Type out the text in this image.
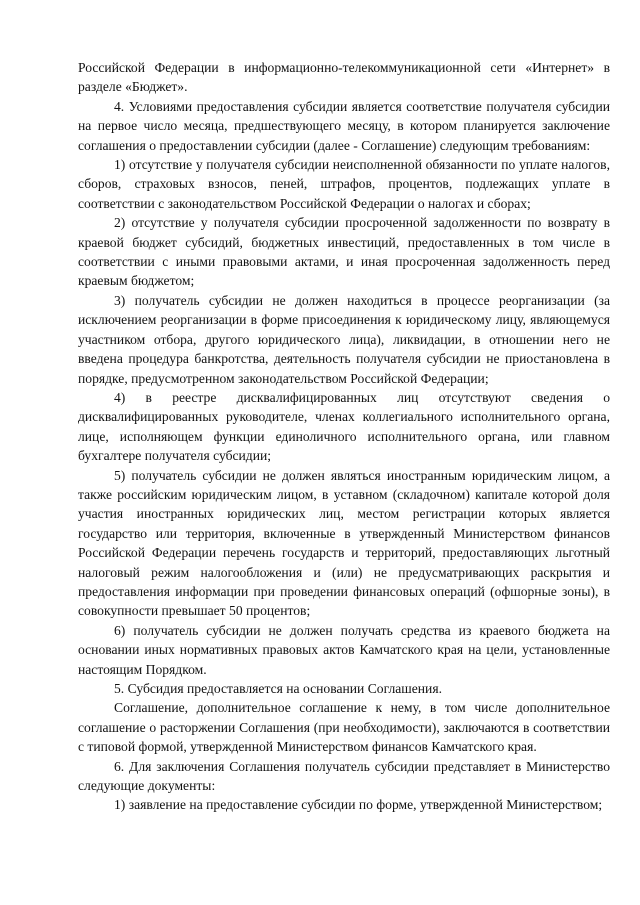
Российской Федерации в информационно-телекоммуникационной сети «Интернет» в разделе «Бюджет».

4. Условиями предоставления субсидии является соответствие получателя субсидии на первое число месяца, предшествующего месяцу, в котором планируется заключение соглашения о предоставлении субсидии (далее - Соглашение) следующим требованиям:

1) отсутствие у получателя субсидии неисполненной обязанности по уплате налогов, сборов, страховых взносов, пеней, штрафов, процентов, подлежащих уплате в соответствии с законодательством Российской Федерации о налогах и сборах;

2) отсутствие у получателя субсидии просроченной задолженности по возврату в краевой бюджет субсидий, бюджетных инвестиций, предоставленных в том числе в соответствии с иными правовыми актами, и иная просроченная задолженность перед краевым бюджетом;

3) получатель субсидии не должен находиться в процессе реорганизации (за исключением реорганизации в форме присоединения к юридическому лицу, являющемуся участником отбора, другого юридического лица), ликвидации, в отношении него не введена процедура банкротства, деятельность получателя субсидии не приостановлена в порядке, предусмотренном законодательством Российской Федерации;

4) в реестре дисквалифицированных лиц отсутствуют сведения о дисквалифицированных руководителе, членах коллегиального исполнительного органа, лице, исполняющем функции единоличного исполнительного органа, или главном бухгалтере получателя субсидии;

5) получатель субсидии не должен являться иностранным юридическим лицом, а также российским юридическим лицом, в уставном (складочном) капитале которой доля участия иностранных юридических лиц, местом регистрации которых является государство или территория, включенные в утвержденный Министерством финансов Российской Федерации перечень государств и территорий, предоставляющих льготный налоговый режим налогообложения и (или) не предусматривающих раскрытия и предоставления информации при проведении финансовых операций (офшорные зоны), в совокупности превышает 50 процентов;

6) получатель субсидии не должен получать средства из краевого бюджета на основании иных нормативных правовых актов Камчатского края на цели, установленные настоящим Порядком.

5. Субсидия предоставляется на основании Соглашения.

Соглашение, дополнительное соглашение к нему, в том числе дополнительное соглашение о расторжении Соглашения (при необходимости), заключаются в соответствии с типовой формой, утвержденной Министерством финансов Камчатского края.

6. Для заключения Соглашения получатель субсидии представляет в Министерство следующие документы:

1) заявление на предоставление субсидии по форме, утвержденной Министерством;
